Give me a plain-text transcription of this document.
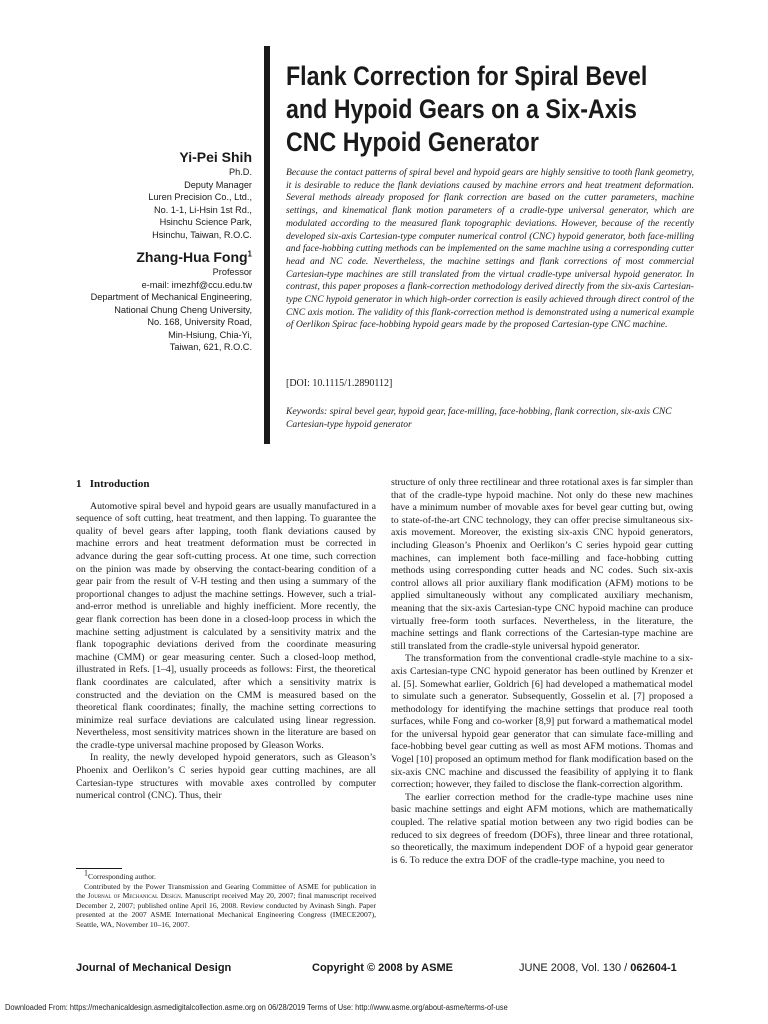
Flank Correction for Spiral Bevel
and Hypoid Gears on a Six-Axis
CNC Hypoid Generator
Yi-Pei Shih
Ph.D.
Deputy Manager
Luren Precision Co., Ltd.,
No. 1-1, Li-Hsin 1st Rd.,
Hsinchu Science Park,
Hsinchu, Taiwan, R.O.C.
Zhang-Hua Fong$^1$
Professor
e-mail: imezhf@ccu.edu.tw
Department of Mechanical Engineering,
National Chung Cheng University,
No. 168, University Road,
Min-Hsiung, Chia-Yi,
Taiwan, 621, R.O.C.
Because the contact patterns of spiral bevel and hypoid gears are highly sensitive to tooth flank geometry, it is desirable to reduce the flank deviations caused by machine errors and heat treatment deformation. Several methods already proposed for flank correction are based on the cutter parameters, machine settings, and kinematical flank motion parameters of a cradle-type universal generator, which are modulated according to the measured flank topographic deviations. However, because of the recently developed six-axis Cartesian-type computer numerical control (CNC) hypoid generator, both face-milling and face-hobbing cutting methods can be implemented on the same machine using a corresponding cutter head and NC code. Nevertheless, the machine settings and flank corrections of most commercial Cartesian-type machines are still translated from the virtual cradle-type universal hypoid generator. In contrast, this paper proposes a flank-correction methodology derived directly from the six-axis Cartesian-type CNC hypoid generator in which high-order correction is easily achieved through direct control of the CNC axis motion. The validity of this flank-correction method is demonstrated using a numerical example of Oerlikon Spirac face-hobbing hypoid gears made by the proposed Cartesian-type CNC machine.
[DOI: 10.1115/1.2890112]
Keywords: spiral bevel gear, hypoid gear, face-milling, face-hobbing, flank correction, six-axis CNC Cartesian-type hypoid generator

1 Introduction

Automotive spiral bevel and hypoid gears are usually manufactured in a sequence of soft cutting, heat treatment, and then lapping. To guarantee the quality of bevel gears after lapping, tooth flank deviations caused by machine errors and heat treatment deformation must be corrected in advance during the gear soft-cutting process. At one time, such correction on the pinion was made by observing the contact-bearing condition of a gear pair from the result of V-H testing and then using a summary of the proportional changes to adjust the machine settings. However, such a trial-and-error method is unreliable and highly inefficient. More recently, the gear flank correction has been done in a closed-loop process in which the machine setting adjustment is calculated by a sensitivity matrix and the flank topographic deviations derived from the coordinate measuring machine (CMM) or gear measuring center. Such a closed-loop method, illustrated in Refs. [1–4], usually proceeds as follows: First, the theoretical flank coordinates are calculated, after which a sensitivity matrix is constructed and the deviation on the CMM is measured based on the theoretical flank coordinates; finally, the machine setting corrections to minimize real surface deviations are calculated using linear regression. Nevertheless, most sensitivity matrices shown in the literature are based on the cradle-type universal machine proposed by Gleason Works.

In reality, the newly developed hypoid generators, such as Gleason’s Phoenix and Oerlikon’s C series hypoid gear cutting machines, are all Cartesian-type structures with movable axes controlled by computer numerical control (CNC). Thus, their

structure of only three rectilinear and three rotational axes is far simpler than that of the cradle-type hypoid machine. Not only do these new machines have a minimum number of movable axes for bevel gear cutting but, owing to state-of-the-art CNC technology, they can offer precise simultaneous six-axis movement. Moreover, the existing six-axis CNC hypoid generators, including Gleason’s Phoenix and Oerlikon’s C series hypoid gear cutting machines, can implement both face-milling and face-hobbing cutting methods using corresponding cutter heads and NC codes. Such six-axis control allows all prior auxiliary flank modification (AFM) motions to be applied simultaneously without any complicated auxiliary mechanism, meaning that the six-axis Cartesian-type CNC hypoid machine can produce virtually free-form tooth surfaces. Nevertheless, in the literature, the machine settings and flank corrections of the Cartesian-type machine are still translated from the cradle-style universal hypoid generator.

The transformation from the conventional cradle-style machine to a six-axis Cartesian-type CNC hypoid generator has been outlined by Krenzer et al. [5]. Somewhat earlier, Goldrich [6] had developed a mathematical model to simulate such a generator. Subsequently, Gosselin et al. [7] proposed a methodology for identifying the machine settings that produce real tooth surfaces, while Fong and co-worker [8,9] put forward a mathematical model for the universal hypoid gear generator that can simulate face-milling and face-hobbing bevel gear cutting as well as most AFM motions. Thomas and Vogel [10] proposed an optimum method for flank modification based on the six-axis CNC machine and discussed the feasibility of applying it to flank correction; however, they failed to disclose the flank-correction algorithm.

The earlier correction method for the cradle-type machine uses nine basic machine settings and eight AFM motions, which are mathematically coupled. The relative spatial motion between any two rigid bodies can be reduced to six degrees of freedom (DOFs), three linear and three rotational, so theoretically, the maximum independent DOF of a hypoid gear generator is 6. To reduce the extra DOF of the cradle-type machine, you need to

$^1$Corresponding author.

Contributed by the Power Transmission and Gearing Committee of ASME for publication in the Journal of Mechanical Design. Manuscript received May 20, 2007; final manuscript received December 2, 2007; published online April 16, 2008. Review conducted by Avinash Singh. Paper presented at the 2007 ASME International Mechanical Engineering Congress (IMECE2007), Seattle, WA, November 10–16, 2007.

Journal of Mechanical Design	Copyright © 2008 by ASME	JUNE 2008, Vol. 130 / 062604-1
Downloaded From: https://mechanicaldesign.asmedigitalcollection.asme.org on 06/28/2019 Terms of Use: http://www.asme.org/about-asme/terms-of-use
